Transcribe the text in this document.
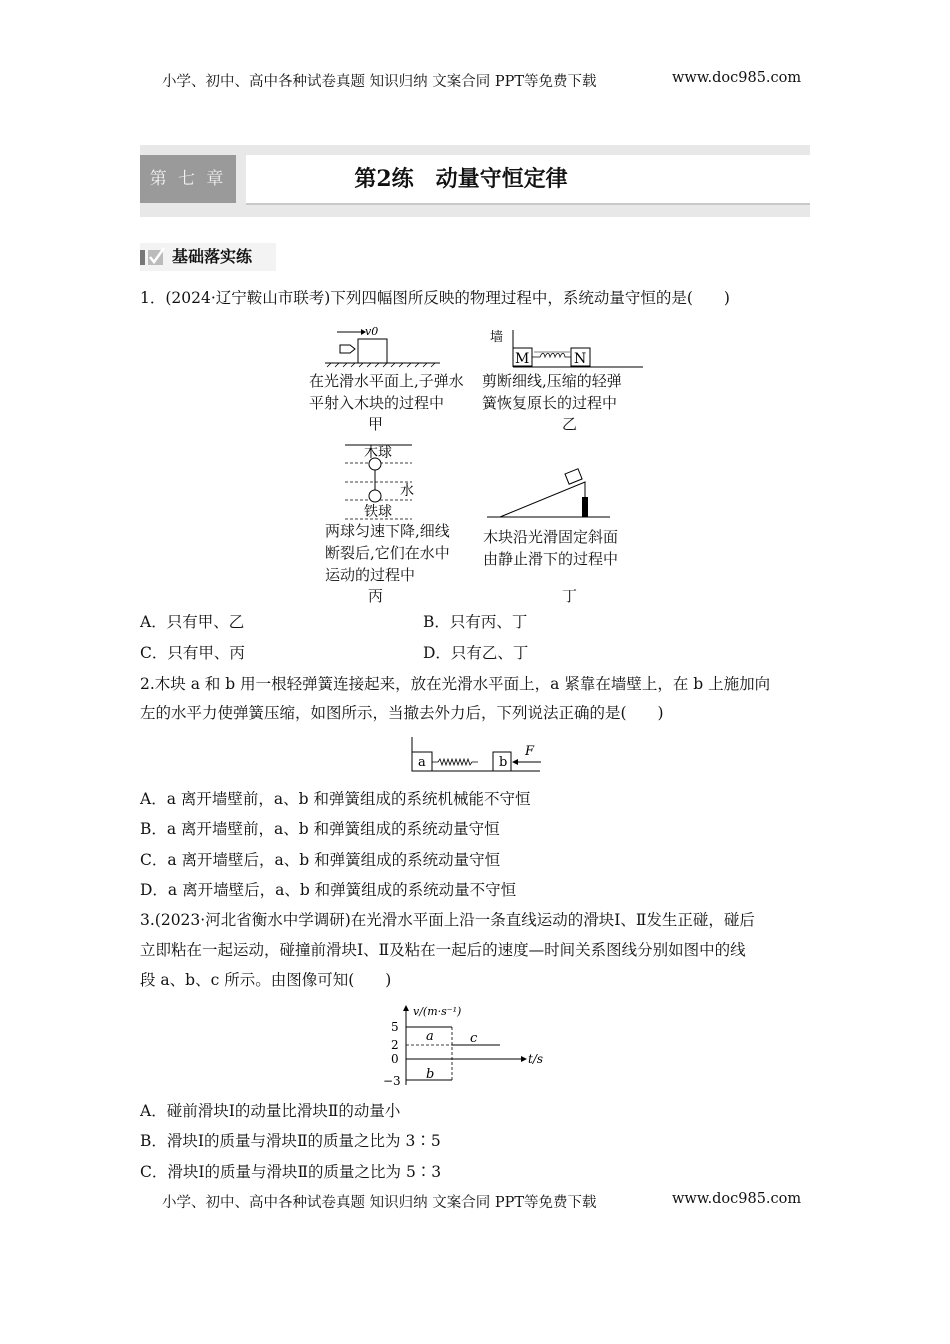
小学、初中、高中各种试卷真题 知识归纳 文案合同 PPT等免费下载	www.doc985.com
第 七 章	第2练　动量守恒定律
基础落实练
1．(2024·辽宁鞍山市联考)下列四幅图所反映的物理过程中，系统动量守恒的是(　　)
v0
在光滑水平面上,子弹水
平射入木块的过程中
甲
墙
M	N
剪断细线,压缩的轻弹
簧恢复原长的过程中
乙
木球
水
铁球
两球匀速下降,细线
断裂后,它们在水中
运动的过程中
丙
木块沿光滑固定斜面
由静止滑下的过程中
丁
A．只有甲、乙	B．只有丙、丁
C．只有甲、丙	D．只有乙、丁
2.木块 a 和 b 用一根轻弹簧连接起来，放在光滑水平面上，a 紧靠在墙壁上，在 b 上施加向
左的水平力使弹簧压缩，如图所示，当撤去外力后，下列说法正确的是(　　)
a	b
F
A．a 离开墙壁前，a、b 和弹簧组成的系统机械能不守恒
B．a 离开墙壁前，a、b 和弹簧组成的系统动量守恒
C．a 离开墙壁后，a、b 和弹簧组成的系统动量守恒
D．a 离开墙壁后，a、b 和弹簧组成的系统动量不守恒
3.(2023·河北省衡水中学调研)在光滑水平面上沿一条直线运动的滑块Ⅰ、Ⅱ发生正碰，碰后
立即粘在一起运动，碰撞前滑块Ⅰ、Ⅱ及粘在一起后的速度—时间关系图线分别如图中的线
段 a、b、c 所示。由图像可知(　　)
v/(m·s⁻¹)
t/s
5
2
0
−3
a
b
c
A．碰前滑块Ⅰ的动量比滑块Ⅱ的动量小
B．滑块Ⅰ的质量与滑块Ⅱ的质量之比为 3∶5
C．滑块Ⅰ的质量与滑块Ⅱ的质量之比为 5∶3
小学、初中、高中各种试卷真题 知识归纳 文案合同 PPT等免费下载	www.doc985.com
